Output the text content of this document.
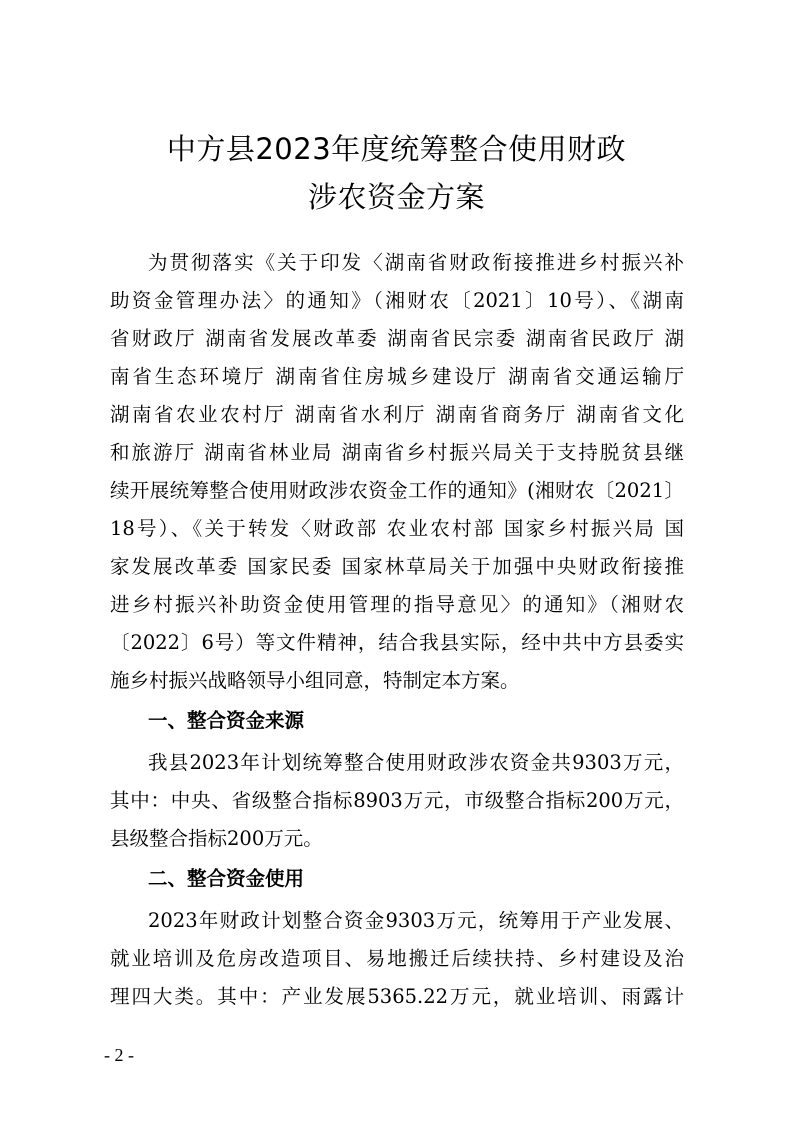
中方县2023年度统筹整合使用财政
涉农资金方案
为贯彻落实《关于印发〈湖南省财政衔接推进乡村振兴补
助资金管理办法〉的通知》（湘财农〔2021〕10号）、《湖南
省财政厅 湖南省发展改革委 湖南省民宗委 湖南省民政厅 湖
南省生态环境厅 湖南省住房城乡建设厅 湖南省交通运输厅
湖南省农业农村厅 湖南省水利厅 湖南省商务厅 湖南省文化
和旅游厅 湖南省林业局 湖南省乡村振兴局关于支持脱贫县继
续开展统筹整合使用财政涉农资金工作的通知》(湘财农〔2021〕
18号）、《关于转发〈财政部 农业农村部 国家乡村振兴局 国
家发展改革委 国家民委 国家林草局关于加强中央财政衔接推
进乡村振兴补助资金使用管理的指导意见〉的通知》（湘财农
〔2022〕6号）等文件精神，结合我县实际，经中共中方县委实
施乡村振兴战略领导小组同意，特制定本方案。
一、整合资金来源
我县2023年计划统筹整合使用财政涉农资金共9303万元，
其中：中央、省级整合指标8903万元，市级整合指标200万元，
县级整合指标200万元。
二、整合资金使用
2023年财政计划整合资金9303万元，统筹用于产业发展、
就业培训及危房改造项目、易地搬迁后续扶持、乡村建设及治
理四大类。其中：产业发展5365.22万元，就业培训、雨露计
- 2 -
